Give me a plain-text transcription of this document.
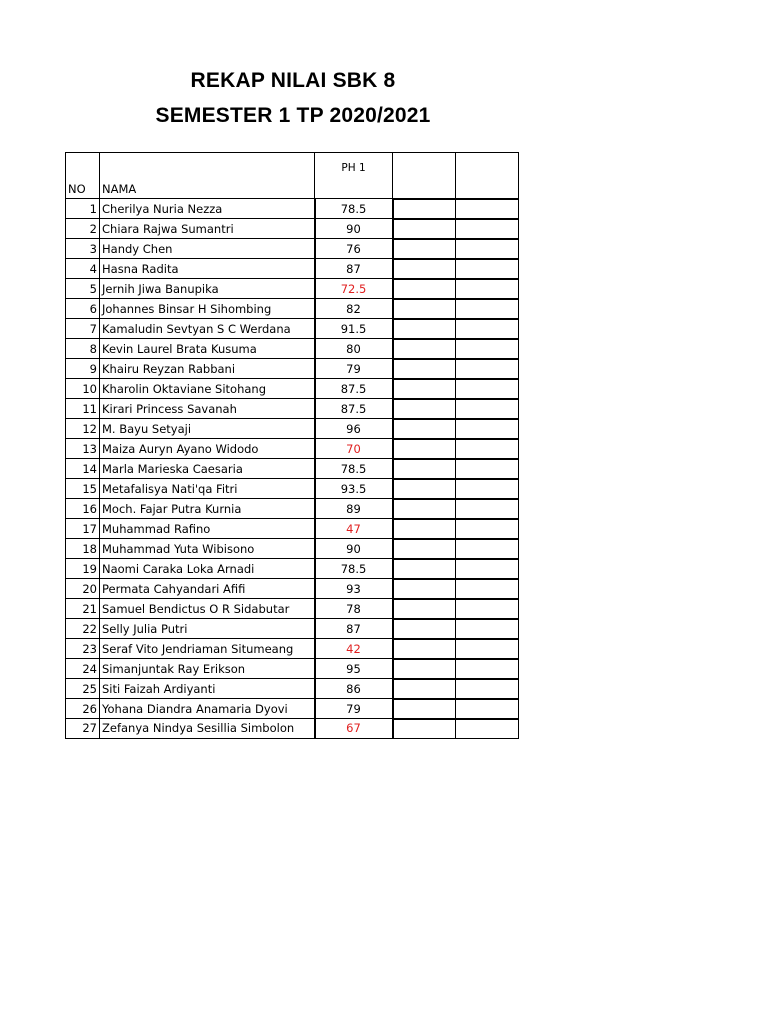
REKAP NILAI SBK 8
SEMESTER 1 TP 2020/2021
NO	NAMA	PH 1		
1	Cherilya Nuria Nezza	78.5		
2	Chiara Rajwa Sumantri	90		
3	Handy Chen	76		
4	Hasna Radita	87		
5	Jernih Jiwa Banupika	72.5		
6	Johannes Binsar H Sihombing	82		
7	Kamaludin Sevtyan S C Werdana	91.5		
8	Kevin Laurel Brata Kusuma	80		
9	Khairu Reyzan Rabbani	79		
10	Kharolin Oktaviane Sitohang	87.5		
11	Kirari Princess Savanah	87.5		
12	M. Bayu Setyaji	96		
13	Maiza Auryn Ayano Widodo	70		
14	Marla Marieska Caesaria	78.5		
15	Metafalisya Nati'qa Fitri	93.5		
16	Moch. Fajar Putra Kurnia	89		
17	Muhammad Rafino	47		
18	Muhammad Yuta Wibisono	90		
19	Naomi Caraka Loka Arnadi	78.5		
20	Permata Cahyandari Afifi	93		
21	Samuel Bendictus O R Sidabutar	78		
22	Selly Julia Putri	87		
23	Seraf Vito Jendriaman Situmeang	42		
24	Simanjuntak Ray Erikson	95		
25	Siti Faizah Ardiyanti	86		
26	Yohana Diandra Anamaria Dyovi	79		
27	Zefanya Nindya Sesillia Simbolon	67		
